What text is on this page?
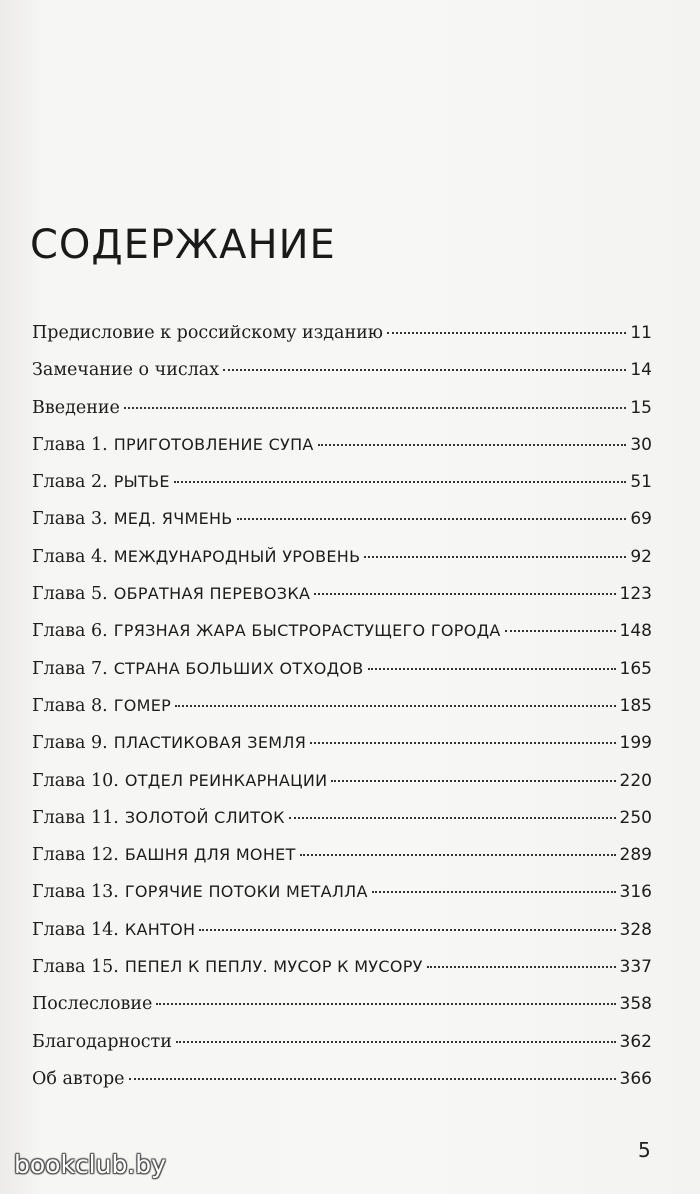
СОДЕРЖАНИЕ
Предисловие к российскому изданию	11
Замечание о числах	14
Введение	15
Глава 1. ПРИГОТОВЛЕНИЕ СУПА	30
Глава 2. РЫТЬЕ	51
Глава 3. МЕД. ЯЧМЕНЬ	69
Глава 4. МЕЖДУНАРОДНЫЙ УРОВЕНЬ	92
Глава 5. ОБРАТНАЯ ПЕРЕВОЗКА	123
Глава 6. ГРЯЗНАЯ ЖАРА БЫСТРОРАСТУЩЕГО ГОРОДА	148
Глава 7. СТРАНА БОЛЬШИХ ОТХОДОВ	165
Глава 8. ГОМЕР	185
Глава 9. ПЛАСТИКОВАЯ ЗЕМЛЯ	199
Глава 10. ОТДЕЛ РЕИНКАРНАЦИИ	220
Глава 11. ЗОЛОТОЙ СЛИТОК	250
Глава 12. БАШНЯ ДЛЯ МОНЕТ	289
Глава 13. ГОРЯЧИЕ ПОТОКИ МЕТАЛЛА	316
Глава 14. КАНТОН	328
Глава 15. ПЕПЕЛ К ПЕПЛУ. МУСОР К МУСОРУ	337
Послесловие	358
Благодарности	362
Об авторе	366
5
bookclub.by
